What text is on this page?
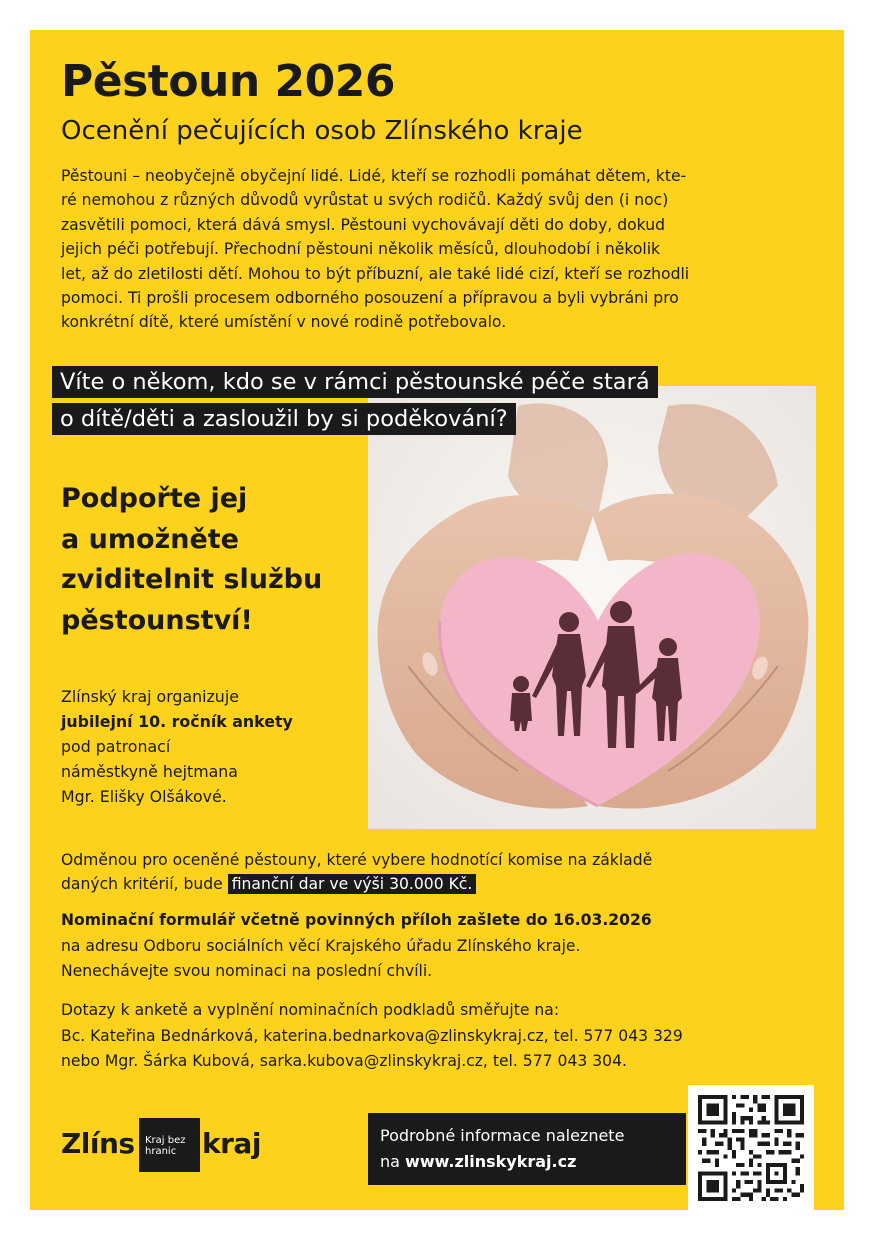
Pěstoun 2026
Ocenění pečujících osob Zlínského kraje
Pěstouni – neobyčejně obyčejní lidé. Lidé, kteří se rozhodli pomáhat dětem, kte-
ré nemohou z různých důvodů vyrůstat u svých rodičů. Každý svůj den (i noc)
zasvětili pomoci, která dává smysl. Pěstouni vychovávají děti do doby, dokud
jejich péči potřebují. Přechodní pěstouni několik měsíců, dlouhodobí i několik
let, až do zletilosti dětí. Mohou to být příbuzní, ale také lidé cizí, kteří se rozhodli
pomoci. Ti prošli procesem odborného posouzení a přípravou a byli vybráni pro
konkrétní dítě, které umístění v nové rodině potřebovalo.

Víte o někom, kdo se v rámci pěstounské péče stará
o dítě/děti a zasloužil by si poděkování?

Podpořte jej
a umožněte
zviditelnit službu
pěstounství!

Zlínský kraj organizuje

jubilejní 10. ročník ankety

pod patronací

náměstkyně hejtmana

Mgr. Elišky Olšákové.

Odměnou pro oceněné pěstouny, které vybere hodnotící komise na základě
daných kritérií, bude finanční dar ve výši 30.000 Kč.

Nominační formulář včetně povinných příloh zašlete do 16.03.2026

na adresu Odboru sociálních věcí Krajského úřadu Zlínského kraje.

Nenechávejte svou nominaci na poslední chvíli.

Dotazy k anketě a vyplnění nominačních podkladů směřujte na:

Bc. Kateřina Bednárková, katerina.bednarkova@zlinskykraj.cz, tel. 577 043 329

nebo Mgr. Šárka Kubová, sarka.kubova@zlinskykraj.cz, tel. 577 043 304.

Zlíns Kraj bez
hranic kraj	Podrobné informace naleznete

na www.zlinskykraj.cz
